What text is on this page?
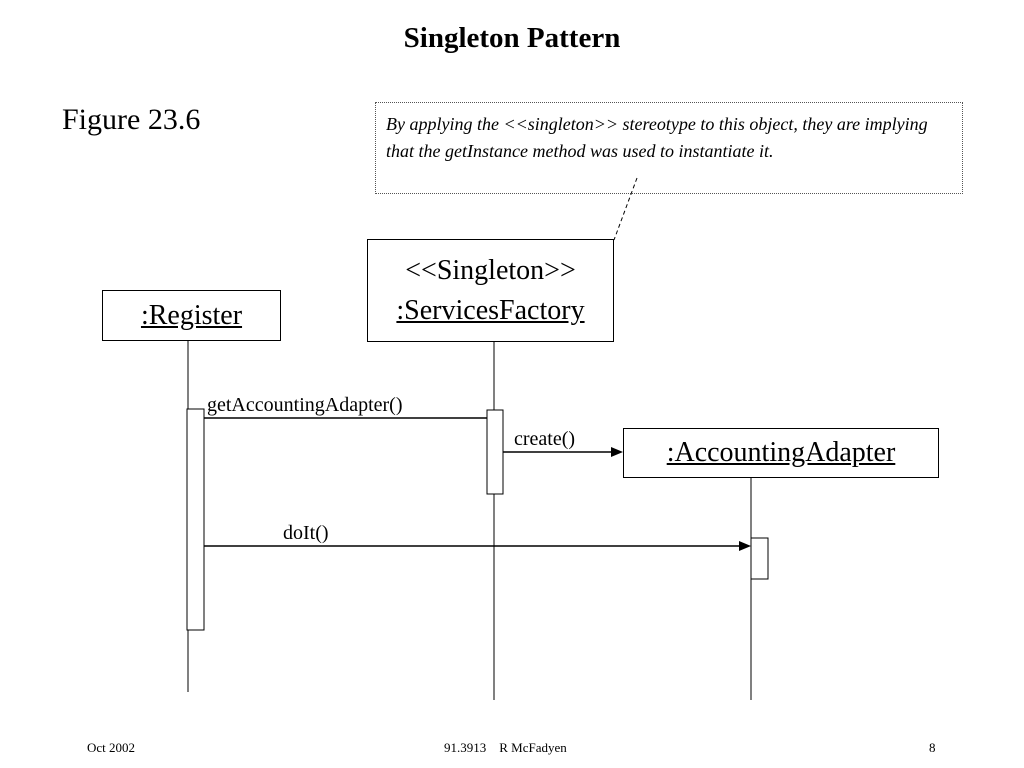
Singleton Pattern
Figure 23.6	By applying the <<singleton>> stereotype to this object, they are implying that the getInstance method was used to instantiate it.
:Register
<<Singleton>>
:ServicesFactory
:AccountingAdapter
getAccountingAdapter()
create()
doIt()
Oct 2002	91.3913    R McFadyen	8
